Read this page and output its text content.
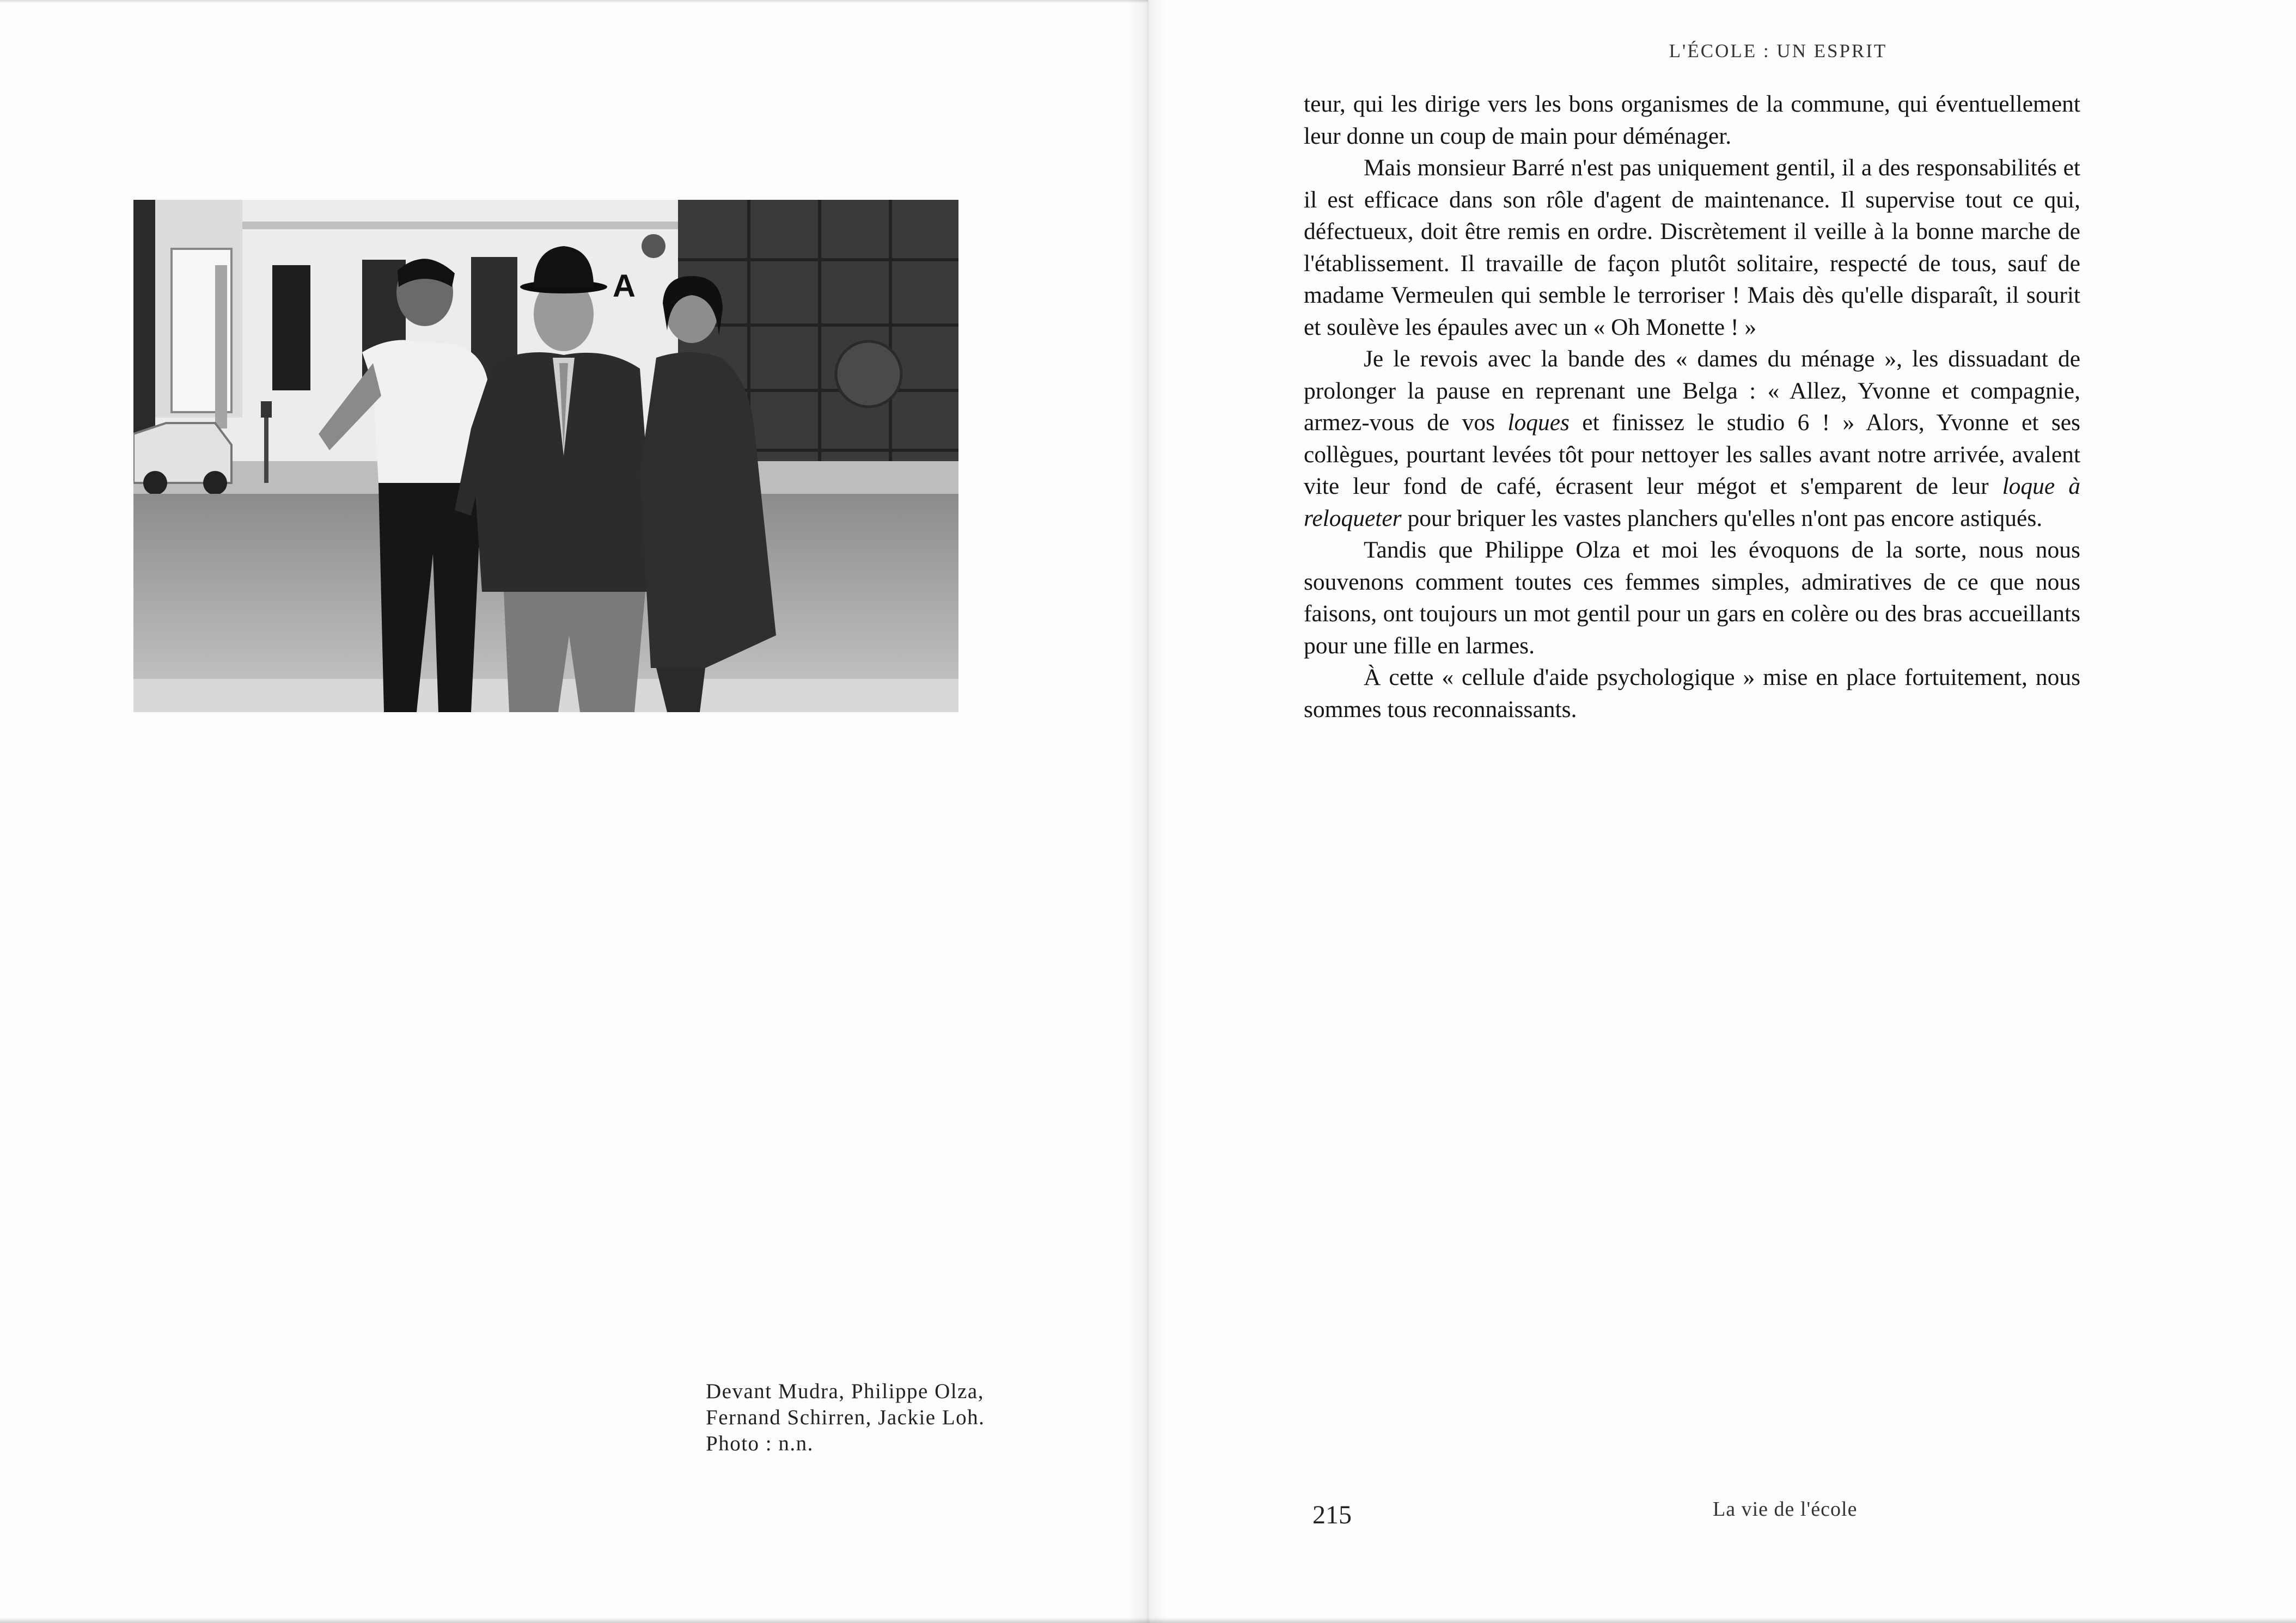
A

Devant Mudra, Philippe Olza,

Fernand Schirren, Jackie Loh.

Photo : n.n.

L'ÉCOLE : UN ESPRIT

teur, qui les dirige vers les bons organismes de la commune, qui éventuellement leur donne un coup de main pour déménager.

Mais monsieur Barré n'est pas uniquement gentil, il a des responsabilités et il est efficace dans son rôle d'agent de maintenance. Il supervise tout ce qui, défectueux, doit être remis en ordre. Discrètement il veille à la bonne marche de l'établissement. Il travaille de façon plutôt solitaire, respecté de tous, sauf de madame Vermeulen qui semble le terroriser ! Mais dès qu'elle disparaît, il sourit et soulève les épaules avec un « Oh Monette ! »

Je le revois avec la bande des « dames du ménage », les dissuadant de prolonger la pause en reprenant une Belga : « Allez, Yvonne et compagnie, armez-vous de vos loques et finissez le studio 6 ! » Alors, Yvonne et ses collègues, pourtant levées tôt pour nettoyer les salles avant notre arrivée, avalent vite leur fond de café, écrasent leur mégot et s'emparent de leur loque à reloqueter pour briquer les vastes planchers qu'elles n'ont pas encore astiqués.

Tandis que Philippe Olza et moi les évoquons de la sorte, nous nous souvenons comment toutes ces femmes simples, admiratives de ce que nous faisons, ont toujours un mot gentil pour un gars en colère ou des bras accueillants pour une fille en larmes.

À cette « cellule d'aide psychologique » mise en place fortuitement, nous sommes tous reconnaissants.

215	La vie de l'école
